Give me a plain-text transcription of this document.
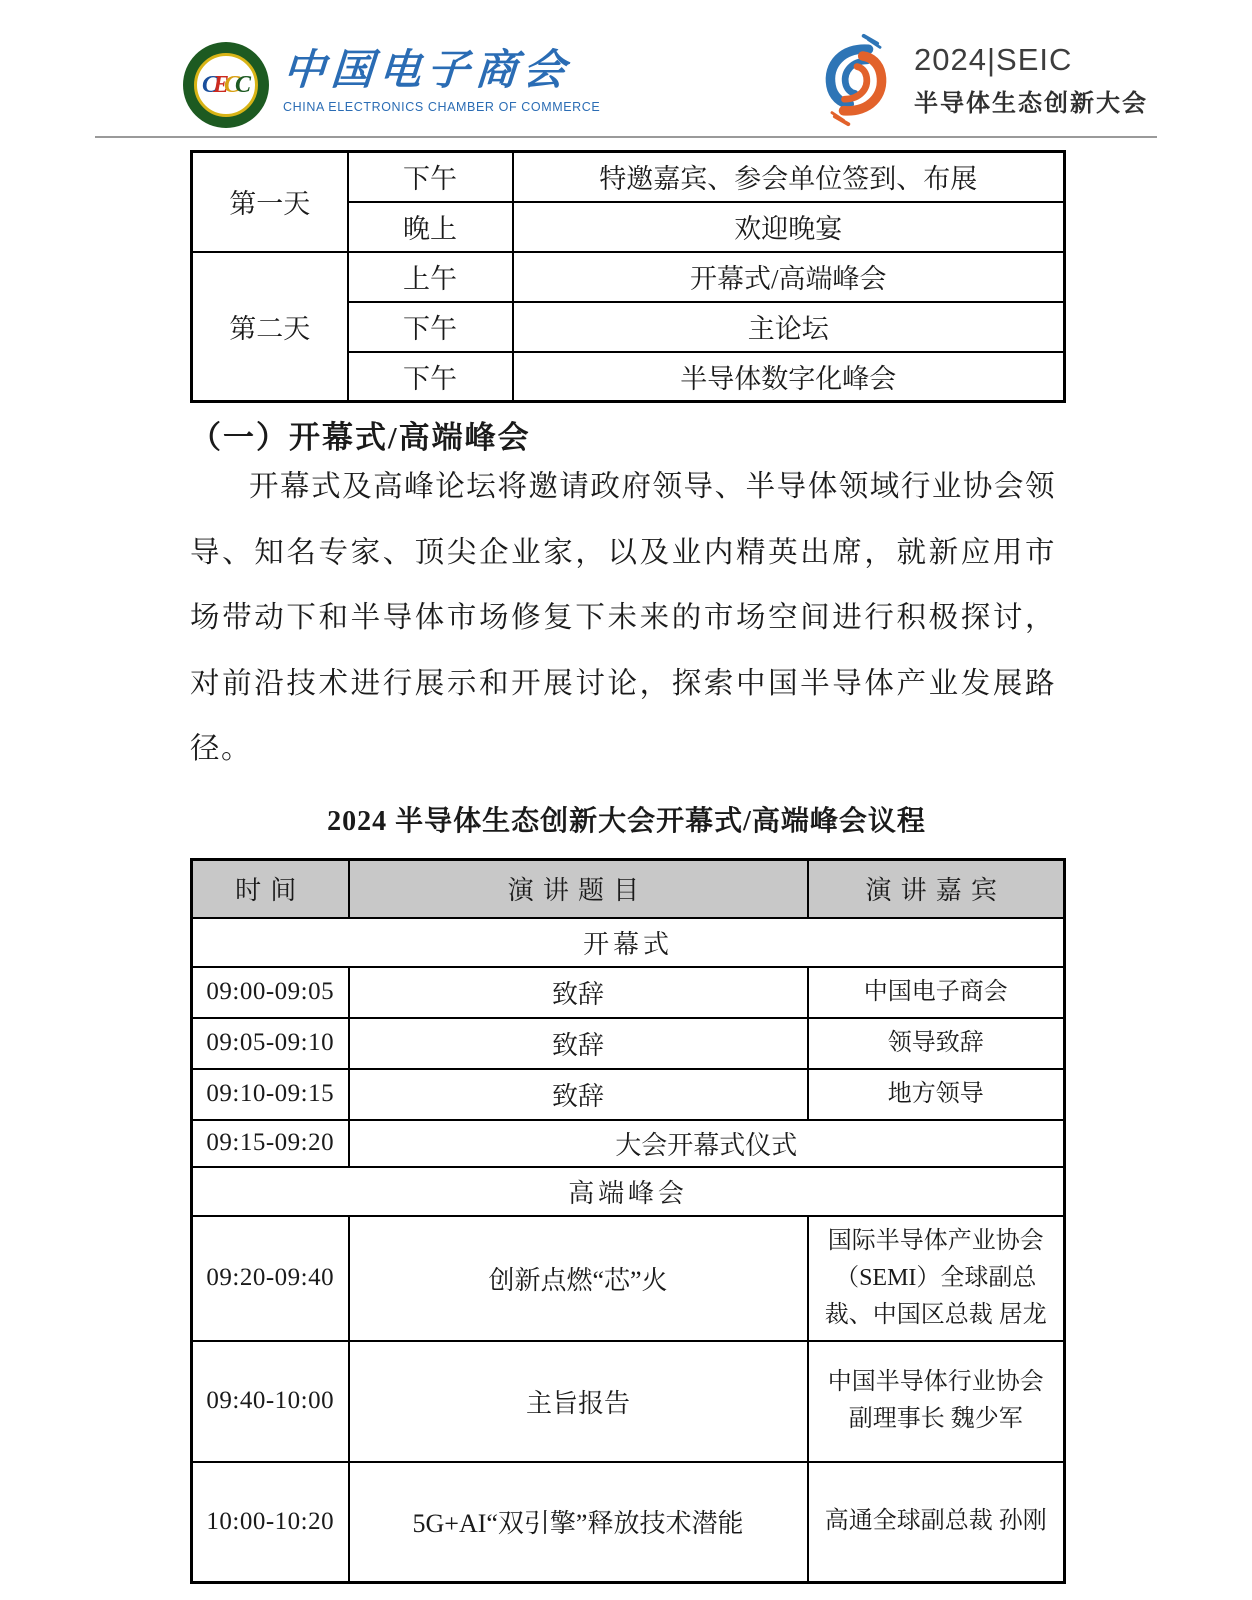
CECC 中国电子商会
CHINA ELECTRONICS CHAMBER OF COMMERCE
2024|SEIC
半导体生态创新大会
第一天	下午	特邀嘉宾、参会单位签到、布展
	晚上	欢迎晚宴
第二天	上午	开幕式/高端峰会
	下午	主论坛
	下午	半导体数字化峰会
（一）开幕式/高端峰会
开幕式及高峰论坛将邀请政府领导、半导体领域行业协会领导、知名专家、顶尖企业家，以及业内精英出席，就新应用市场带动下和半导体市场修复下未来的市场空间进行积极探讨，对前沿技术进行展示和开展讨论，探索中国半导体产业发展路径。
2024 半导体生态创新大会开幕式/高端峰会议程
时间	演讲题目	演讲嘉宾
开幕式		
09:00-09:05	致辞	中国电子商会
09:05-09:10	致辞	领导致辞
09:10-09:15	致辞	地方领导
09:15-09:20	大会开幕式仪式	
高端峰会		
09:20-09:40	创新点燃“芯”火	国际半导体产业协会（SEMI）全球副总裁、中国区总裁 居龙
09:40-10:00	主旨报告	中国半导体行业协会 副理事长 魏少军
10:00-10:20	5G+AI“双引擎”释放技术潜能	高通全球副总裁 孙刚
